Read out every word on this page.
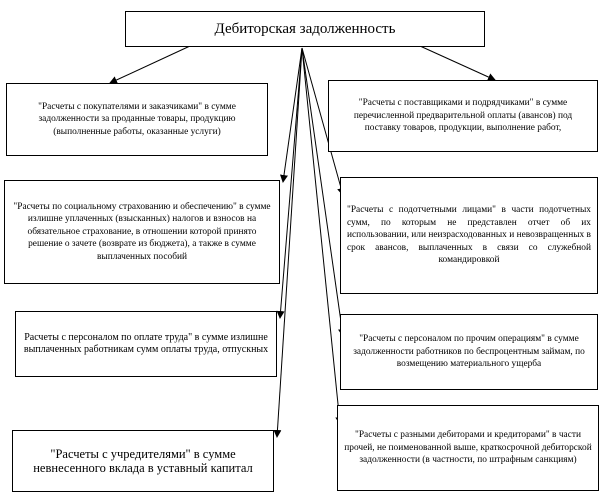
Дебиторская задолженность
"Расчеты с покупателями и заказчиками" в сумме задолженности за проданные товары, продукцию (выполненные работы, оказанные услуги)
"Расчеты по социальному страхованию и обеспечению" в сумме излишне уплаченных (взысканных) налогов и взносов на обязательное страхование, в отношении которой принято решение о зачете (возврате из бюджета), а также в сумме выплаченных пособий
Расчеты с персоналом по оплате труда" в сумме излишне выплаченных работникам сумм оплаты труда, отпускных
"Расчеты с учредителями" в сумме невнесенного вклада в уставный капитал
"Расчеты с поставщиками и подрядчиками" в сумме перечисленной предварительной оплаты (авансов) под поставку товаров, продукции, выполнение работ,
"Расчеты с подотчетными лицами" в части подотчетных сумм, по которым не представлен отчет об их использовании, или неизрасходованных и невозвращенных в срок авансов, выплаченных в связи со служебной командировкой
"Расчеты с персоналом по прочим операциям" в сумме задолженности работников по беспроцентным займам, по возмещению материального ущерба
"Расчеты с разными дебиторами и кредиторами" в части прочей, не поименованной выше, краткосрочной дебиторской задолженности (в частности, по штрафным санкциям)
